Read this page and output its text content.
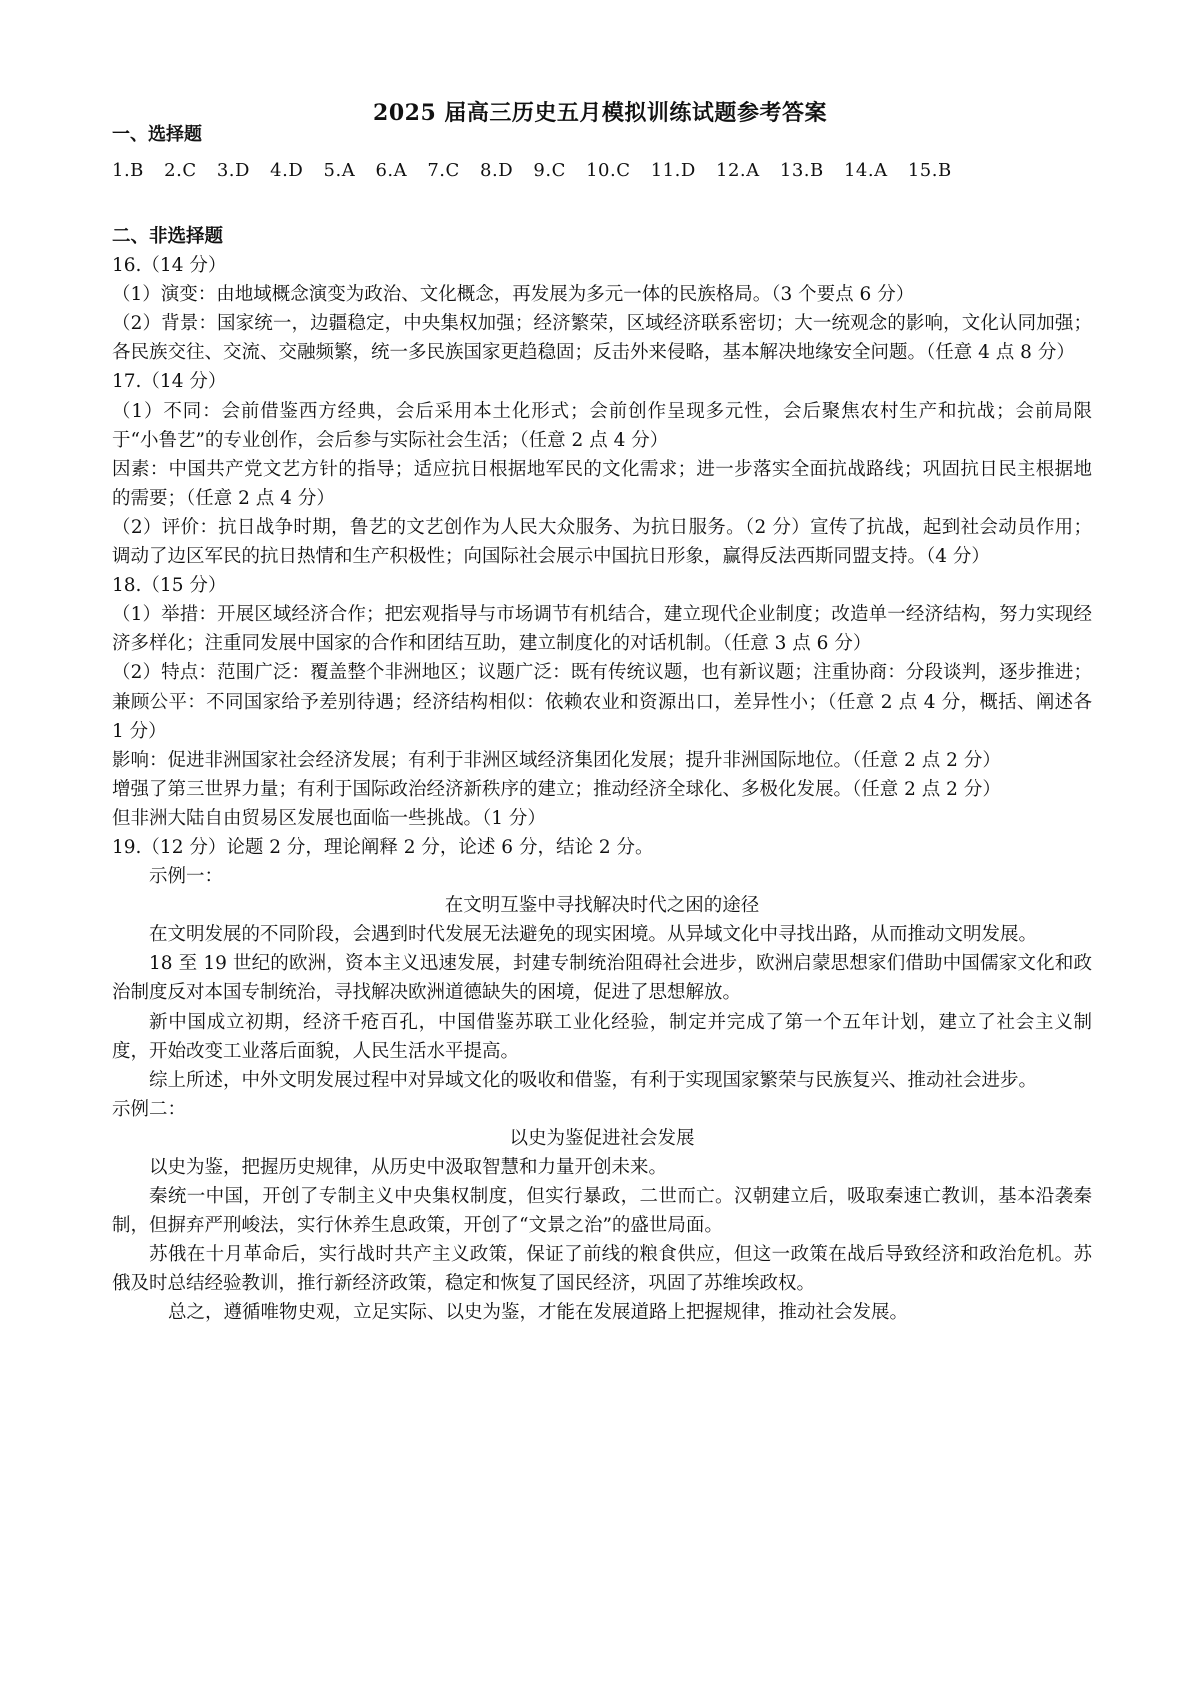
2025 届高三历史五月模拟训练试题参考答案
一、选择题
1.B 2.C 3.D 4.D 5.A 6.A 7.C 8.D 9.C 10.C 11.D 12.A 13.B 14.A 15.B

二、非选择题

16.（14 分）

（1）演变：由地域概念演变为政治、文化概念，再发展为多元一体的民族格局。（3 个要点 6 分）

（2）背景：国家统一，边疆稳定，中央集权加强；经济繁荣，区域经济联系密切；大一统观念的影响，文化认同加强；各民族交往、交流、交融频繁，统一多民族国家更趋稳固；反击外来侵略，基本解决地缘安全问题。（任意 4 点 8 分）

17.（14 分）

（1）不同：会前借鉴西方经典，会后采用本土化形式；会前创作呈现多元性，会后聚焦农村生产和抗战；会前局限于“小鲁艺”的专业创作，会后参与实际社会生活；（任意 2 点 4 分）

因素：中国共产党文艺方针的指导；适应抗日根据地军民的文化需求；进一步落实全面抗战路线；巩固抗日民主根据地的需要；（任意 2 点 4 分）

（2）评价：抗日战争时期，鲁艺的文艺创作为人民大众服务、为抗日服务。（2 分）宣传了抗战，起到社会动员作用；调动了边区军民的抗日热情和生产积极性；向国际社会展示中国抗日形象，赢得反法西斯同盟支持。（4 分）

18.（15 分）

（1）举措：开展区域经济合作；把宏观指导与市场调节有机结合，建立现代企业制度；改造单一经济结构，努力实现经济多样化；注重同发展中国家的合作和团结互助，建立制度化的对话机制。（任意 3 点 6 分）

（2）特点：范围广泛：覆盖整个非洲地区；议题广泛：既有传统议题，也有新议题；注重协商：分段谈判，逐步推进；兼顾公平：不同国家给予差别待遇；经济结构相似：依赖农业和资源出口，差异性小；（任意 2 点 4 分，概括、阐述各 1 分）

影响：促进非洲国家社会经济发展；有利于非洲区域经济集团化发展；提升非洲国际地位。（任意 2 点 2 分）

增强了第三世界力量；有利于国际政治经济新秩序的建立；推动经济全球化、多极化发展。（任意 2 点 2 分）

但非洲大陆自由贸易区发展也面临一些挑战。（1 分）

19.（12 分）论题 2 分，理论阐释 2 分，论述 6 分，结论 2 分。

示例一：

在文明互鉴中寻找解决时代之困的途径

在文明发展的不同阶段，会遇到时代发展无法避免的现实困境。从异域文化中寻找出路，从而推动文明发展。

18 至 19 世纪的欧洲，资本主义迅速发展，封建专制统治阻碍社会进步，欧洲启蒙思想家们借助中国儒家文化和政治制度反对本国专制统治，寻找解决欧洲道德缺失的困境，促进了思想解放。

新中国成立初期，经济千疮百孔，中国借鉴苏联工业化经验，制定并完成了第一个五年计划，建立了社会主义制度，开始改变工业落后面貌，人民生活水平提高。

综上所述，中外文明发展过程中对异域文化的吸收和借鉴，有利于实现国家繁荣与民族复兴、推动社会进步。

示例二：

以史为鉴促进社会发展

以史为鉴，把握历史规律，从历史中汲取智慧和力量开创未来。

秦统一中国，开创了专制主义中央集权制度，但实行暴政，二世而亡。汉朝建立后，吸取秦速亡教训，基本沿袭秦制，但摒弃严刑峻法，实行休养生息政策，开创了“文景之治”的盛世局面。

苏俄在十月革命后，实行战时共产主义政策，保证了前线的粮食供应，但这一政策在战后导致经济和政治危机。苏俄及时总结经验教训，推行新经济政策，稳定和恢复了国民经济，巩固了苏维埃政权。

总之，遵循唯物史观，立足实际、以史为鉴，才能在发展道路上把握规律，推动社会发展。
